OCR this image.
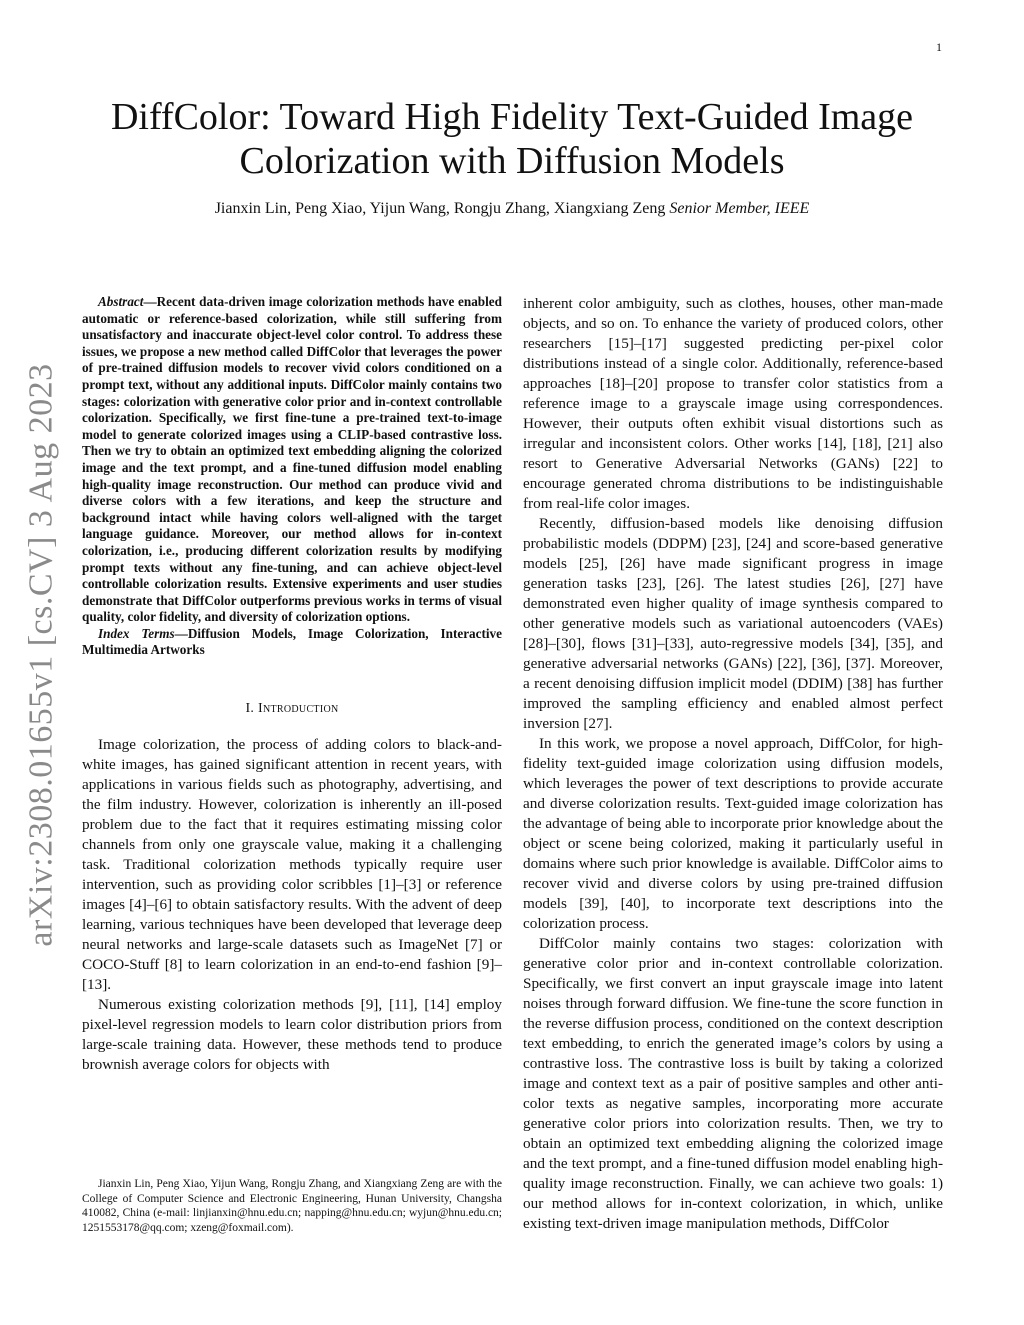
1
arXiv:2308.01655v1 [cs.CV] 3 Aug 2023
DiffColor: Toward High Fidelity Text-Guided Image Colorization with Diffusion Models
Jianxin Lin, Peng Xiao, Yijun Wang, Rongju Zhang, Xiangxiang Zeng Senior Member, IEEE

Abstract—Recent data-driven image colorization methods have enabled automatic or reference-based colorization, while still suffering from unsatisfactory and inaccurate object-level color control. To address these issues, we propose a new method called DiffColor that leverages the power of pre-trained diffusion models to recover vivid colors conditioned on a prompt text, without any additional inputs. DiffColor mainly contains two stages: colorization with generative color prior and in-context controllable colorization. Specifically, we first fine-tune a pre-trained text-to-image model to generate colorized images using a CLIP-based contrastive loss. Then we try to obtain an optimized text embedding aligning the colorized image and the text prompt, and a fine-tuned diffusion model enabling high-quality image reconstruction. Our method can produce vivid and diverse colors with a few iterations, and keep the structure and background intact while having colors well-aligned with the target language guidance. Moreover, our method allows for in-context colorization, i.e., producing different colorization results by modifying prompt texts without any fine-tuning, and can achieve object-level controllable colorization results. Extensive experiments and user studies demonstrate that DiffColor outperforms previous works in terms of visual quality, color fidelity, and diversity of colorization options.

Index Terms—Diffusion Models, Image Colorization, Interactive Multimedia Artworks

I. Introduction

Image colorization, the process of adding colors to black-and-white images, has gained significant attention in recent years, with applications in various fields such as photography, advertising, and the film industry. However, colorization is inherently an ill-posed problem due to the fact that it requires estimating missing color channels from only one grayscale value, making it a challenging task. Traditional colorization methods typically require user intervention, such as providing color scribbles [1]–[3] or reference images [4]–[6] to obtain satisfactory results. With the advent of deep learning, various techniques have been developed that leverage deep neural networks and large-scale datasets such as ImageNet [7] or COCO-Stuff [8] to learn colorization in an end-to-end fashion [9]–[13].

Numerous existing colorization methods [9], [11], [14] employ pixel-level regression models to learn color distribution priors from large-scale training data. However, these methods tend to produce brownish average colors for objects with

Jianxin Lin, Peng Xiao, Yijun Wang, Rongju Zhang, and Xiangxiang Zeng are with the College of Computer Science and Electronic Engineering, Hunan University, Changsha 410082, China (e-mail: linjianxin@hnu.edu.cn; napping@hnu.edu.cn; wyjun@hnu.edu.cn; 1251553178@qq.com; xzeng@foxmail.com).

inherent color ambiguity, such as clothes, houses, other man-made objects, and so on. To enhance the variety of produced colors, other researchers [15]–[17] suggested predicting per-pixel color distributions instead of a single color. Additionally, reference-based approaches [18]–[20] propose to transfer color statistics from a reference image to a grayscale image using correspondences. However, their outputs often exhibit visual distortions such as irregular and inconsistent colors. Other works [14], [18], [21] also resort to Generative Adversarial Networks (GANs) [22] to encourage generated chroma distributions to be indistinguishable from real-life color images.

Recently, diffusion-based models like denoising diffusion probabilistic models (DDPM) [23], [24] and score-based generative models [25], [26] have made significant progress in image generation tasks [23], [26]. The latest studies [26], [27] have demonstrated even higher quality of image synthesis compared to other generative models such as variational autoencoders (VAEs) [28]–[30], flows [31]–[33], auto-regressive models [34], [35], and generative adversarial networks (GANs) [22], [36], [37]. Moreover, a recent denoising diffusion implicit model (DDIM) [38] has further improved the sampling efficiency and enabled almost perfect inversion [27].

In this work, we propose a novel approach, DiffColor, for high-fidelity text-guided image colorization using diffusion models, which leverages the power of text descriptions to provide accurate and diverse colorization results. Text-guided image colorization has the advantage of being able to incorporate prior knowledge about the object or scene being colorized, making it particularly useful in domains where such prior knowledge is available. DiffColor aims to recover vivid and diverse colors by using pre-trained diffusion models [39], [40], to incorporate text descriptions into the colorization process.

DiffColor mainly contains two stages: colorization with generative color prior and in-context controllable colorization. Specifically, we first convert an input grayscale image into latent noises through forward diffusion. We fine-tune the score function in the reverse diffusion process, conditioned on the context description text embedding, to enrich the generated image’s colors by using a contrastive loss. The contrastive loss is built by taking a colorized image and context text as a pair of positive samples and other anti-color texts as negative samples, incorporating more accurate generative color priors into colorization results. Then, we try to obtain an optimized text embedding aligning the colorized image and the text prompt, and a fine-tuned diffusion model enabling high-quality image reconstruction. Finally, we can achieve two goals: 1) our method allows for in-context colorization, in which, unlike existing text-driven image manipulation methods, DiffColor
